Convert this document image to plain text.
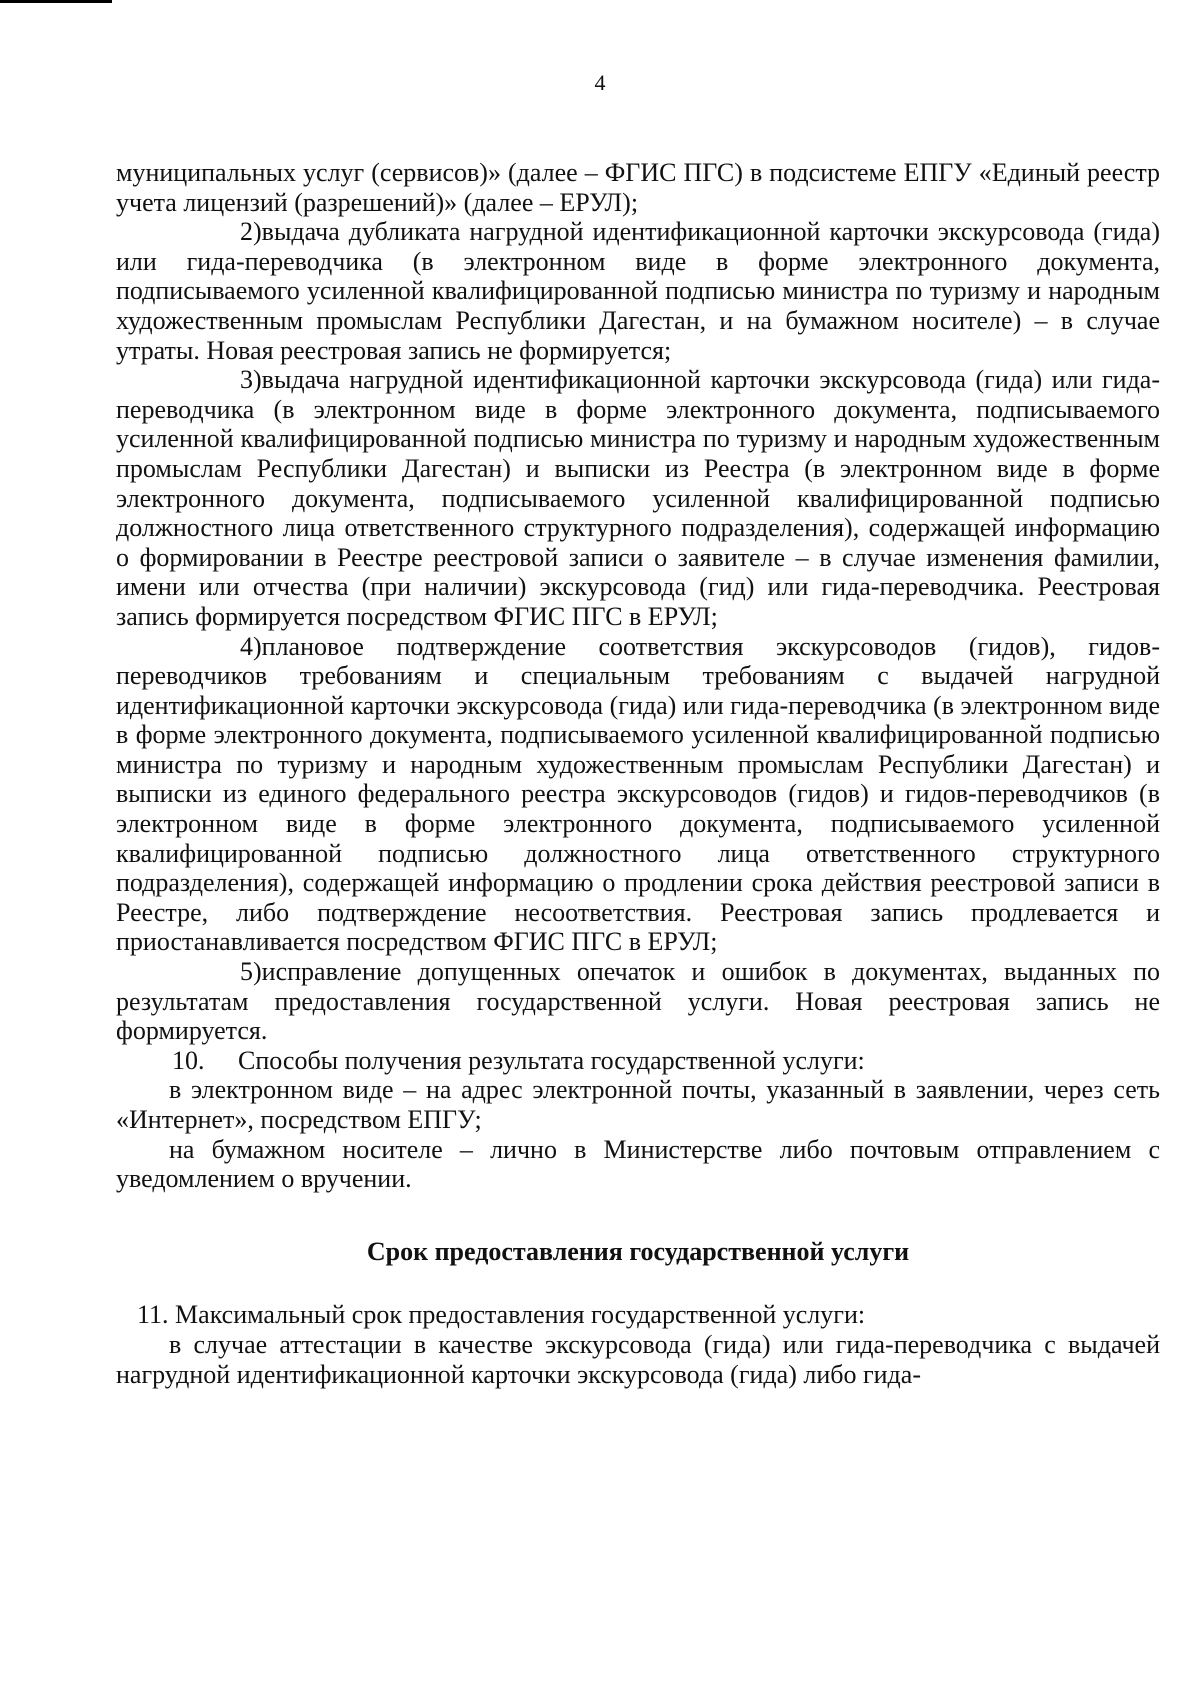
4

муниципальных услуг (сервисов)» (далее – ФГИС ПГС) в подсистеме ЕПГУ «Единый реестр учета лицензий (разрешений)» (далее – ЕРУЛ);

2)выдача дубликата нагрудной идентификационной карточки экскурсовода (гида) или гида-переводчика (в электронном виде в форме электронного документа, подписываемого усиленной квалифицированной подписью министра по туризму и народным художественным промыслам Республики Дагестан, и на бумажном носителе) – в случае утраты. Новая реестровая запись не формируется;

3)выдача нагрудной идентификационной карточки экскурсовода (гида) или гида-переводчика (в электронном виде в форме электронного документа, подписываемого усиленной квалифицированной подписью министра по туризму и народным художественным промыслам Республики Дагестан) и выписки из Реестра (в электронном виде в форме электронного документа, подписываемого усиленной квалифицированной подписью должностного лица ответственного структурного подразделения), содержащей информацию о формировании в Реестре реестровой записи о заявителе – в случае изменения фамилии, имени или отчества (при наличии) экскурсовода (гид) или гида-переводчика. Реестровая запись формируется посредством ФГИС ПГС в ЕРУЛ;

4)плановое подтверждение соответствия экскурсоводов (гидов), гидов-переводчиков требованиям и специальным требованиям с выдачей нагрудной идентификационной карточки экскурсовода (гида) или гида-переводчика (в электронном виде в форме электронного документа, подписываемого усиленной квалифицированной подписью министра по туризму и народным художественным промыслам Республики Дагестан) и выписки из единого федерального реестра экскурсоводов (гидов) и гидов-переводчиков (в электронном виде в форме электронного документа, подписываемого усиленной квалифицированной подписью должностного лица ответственного структурного подразделения), содержащей информацию о продлении срока действия реестровой записи в Реестре, либо подтверждение несоответствия. Реестровая запись продлевается и приостанавливается посредством ФГИС ПГС в ЕРУЛ;

5)исправление допущенных опечаток и ошибок в документах, выданных по результатам предоставления государственной услуги. Новая реестровая запись не формируется.

10. Способы получения результата государственной услуги:

в электронном виде – на адрес электронной почты, указанный в заявлении, через сеть «Интернет», посредством ЕПГУ;

на бумажном носителе – лично в Министерстве либо почтовым отправлением с уведомлением о вручении.

Срок предоставления государственной услуги

11. Максимальный срок предоставления государственной услуги:

в случае аттестации в качестве экскурсовода (гида) или гида-переводчика с выдачей нагрудной идентификационной карточки экскурсовода (гида) либо гида-
